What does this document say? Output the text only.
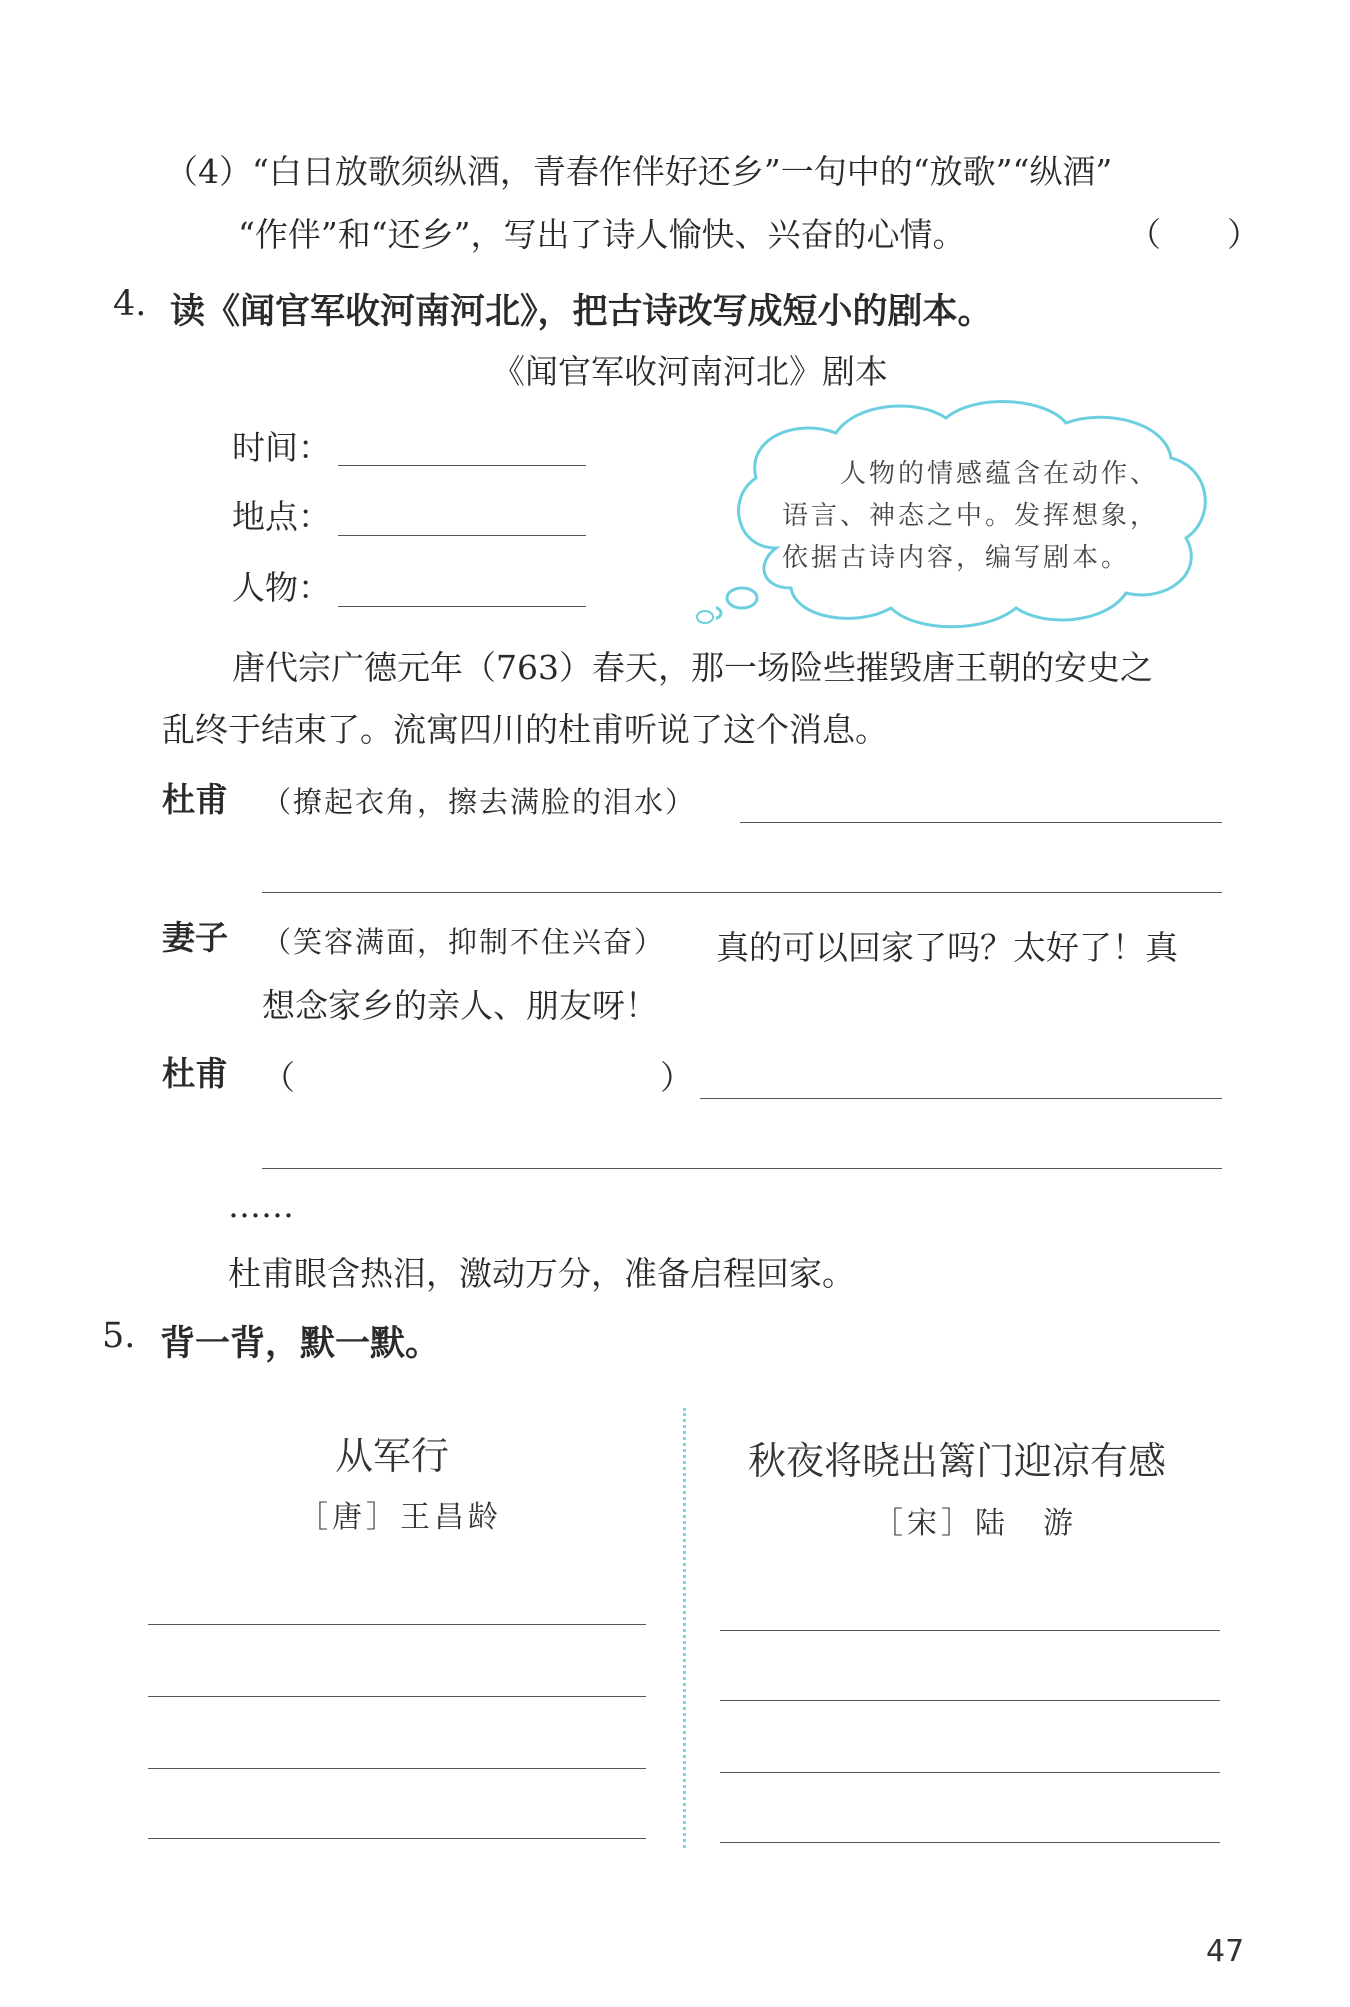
（4）“白日放歌须纵酒，青春作伴好还乡”一句中的“放歌”“纵酒”
“作伴”和“还乡”，写出了诗人愉快、兴奋的心情。	（　　）
4. 读《闻官军收河南河北》，把古诗改写成短小的剧本。
《闻官军收河南河北》剧本
时间：
地点：
人物：
人物的情感蕴含在动作、
语言、神态之中。发挥想象，
依据古诗内容，编写剧本。
唐代宗广德元年（763）春天，那一场险些摧毁唐王朝的安史之
乱终于结束了。流寓四川的杜甫听说了这个消息。
杜甫 （撩起衣角，擦去满脸的泪水）
妻子 （笑容满面，抑制不住兴奋） 真的可以回家了吗？太好了！真
想念家乡的亲人、朋友呀！
杜甫 （	）
……
杜甫眼含热泪，激动万分，准备启程回家。
5. 背一背，默一默。
从军行
［唐］王昌龄
秋夜将晓出篱门迎凉有感
［宋］陆　游
47
